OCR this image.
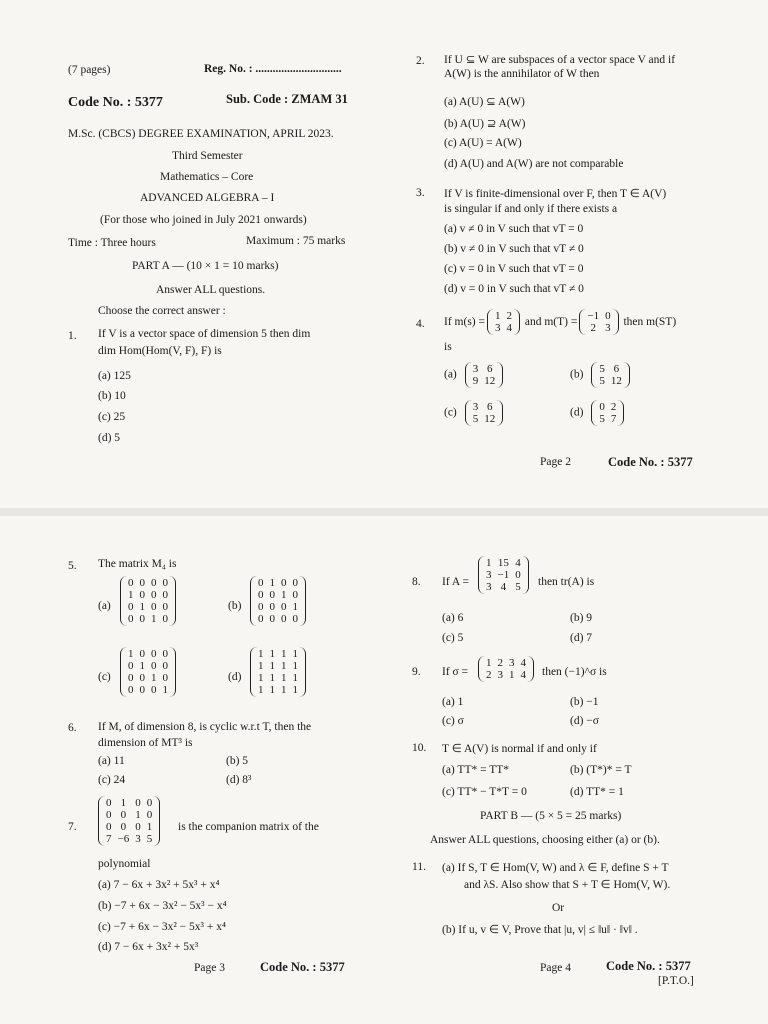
(7 pages)	Reg. No. : ..............................
Code No. : 5377	Sub. Code : ZMAM 31
M.Sc. (CBCS) DEGREE EXAMINATION, APRIL 2023.
Third Semester
Mathematics – Core
ADVANCED ALGEBRA – I
(For those who joined in July 2021 onwards)
Time : Three hours	Maximum : 75 marks
PART A — (10 × 1 = 10 marks)
Answer ALL questions.
Choose the correct answer :
1. If V is a vector space of dimension 5 then dim
dim Hom(Hom(V, F), F) is
(a) 125
(b) 10
(c) 25
(d) 5
2. If U ⊆ W are subspaces of a vector space V and if
A(W) is the annihilator of W then
(a) A(U) ⊆ A(W)
(b) A(U) ⊇ A(W)
(c) A(U) = A(W)
(d) A(U) and A(W) are not comparable
3. If V is finite-dimensional over F, then T ∈ A(V)
is singular if and only if there exists a
(a) v ≠ 0 in V such that vT = 0
(b) v ≠ 0 in V such that vT ≠ 0
(c) v = 0 in V such that vT = 0
(d) v = 0 in V such that vT ≠ 0
4. If m(s) = 1	2
3	4
and m(T) = −1	0
2	3
then m(ST)
is
(a) 3	6
9	12
(b) 5	6
5	12
(c) 3	6
5	12
(d) 0	2
5	7
Page 2	Code No. : 5377
5. The matrix M₄ is
(a)
0	0	0	0
1	0	0	0
0	1	0	0
0	0	1	0
(b)
0	1	0	0
0	0	1	0
0	0	0	1
0	0	0	0
(c)
1	0	0	0
0	1	0	0
0	0	1	0
0	0	0	1
(d)
1	1	1	1
1	1	1	1
1	1	1	1
1	1	1	1
6. If M, of dimension 8, is cyclic w.r.t T, then the
dimension of MT³ is
(a) 11	(b) 5
(c) 24	(d) 8³
7.
0	1	0	0
0	0	1	0
0	0	0	1
7	−6	3	5
is the companion matrix of the
polynomial
(a) 7 − 6x + 3x² + 5x³ + x⁴
(b) −7 + 6x − 3x² − 5x³ − x⁴
(c) −7 + 6x − 3x² − 5x³ + x⁴
(d) 7 − 6x + 3x² + 5x³
Page 3	Code No. : 5377
8. If A =
1	15	4
3	−1	0
3	4	5 then tr(A) is
(a) 6	(b) 9
(c) 5	(d) 7
9. If σ =
1	2	3	4
2	3	1	4 then (−1)^σ is
(a) 1	(b) −1
(c) σ	(d) −σ
10. T ∈ A(V) is normal if and only if
(a) TT* = TT*	(b) (T*)* = T
(c) TT* − T*T = 0	(d) TT* = 1
PART B — (5 × 5 = 25 marks)
Answer ALL questions, choosing either (a) or (b).
11. (a) If S, T ∈ Hom(V, W) and λ ∈ F, define S + T
and λS. Also show that S + T ∈ Hom(V, W).
Or
(b) If u, v ∈ V, Prove that |u, v| ≤ ‖u‖ · ‖v‖ .
Page 4	Code No. : 5377
[P.T.O.]
